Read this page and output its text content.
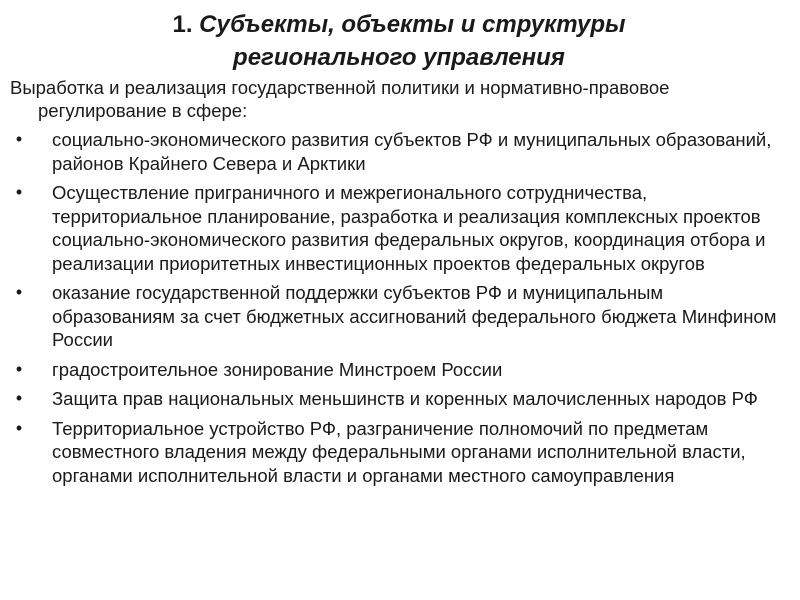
1. Субъекты, объекты и структуры
регионального управления

Выработка и реализация государственной политики и нормативно-правовое регулирование в сфере:

• социально-экономического развития субъектов РФ и муниципальных образований, районов Крайнего Севера и Арктики
• Осуществление приграничного и межрегионального сотрудничества, территориальное планирование, разработка и реализация комплексных проектов социально-экономического развития федеральных округов, координация отбора и реализации приоритетных инвестиционных проектов федеральных округов
• оказание государственной поддержки субъектов РФ и муниципальным образованиям за счет бюджетных ассигнований федерального бюджета Минфином России
• градостроительное зонирование Минстроем России
• Защита прав национальных меньшинств и коренных малочисленных народов РФ
• Территориальное устройство РФ, разграничение полномочий по предметам совместного владения между федеральными органами исполнительной власти, органами исполнительной власти и органами местного самоуправления
